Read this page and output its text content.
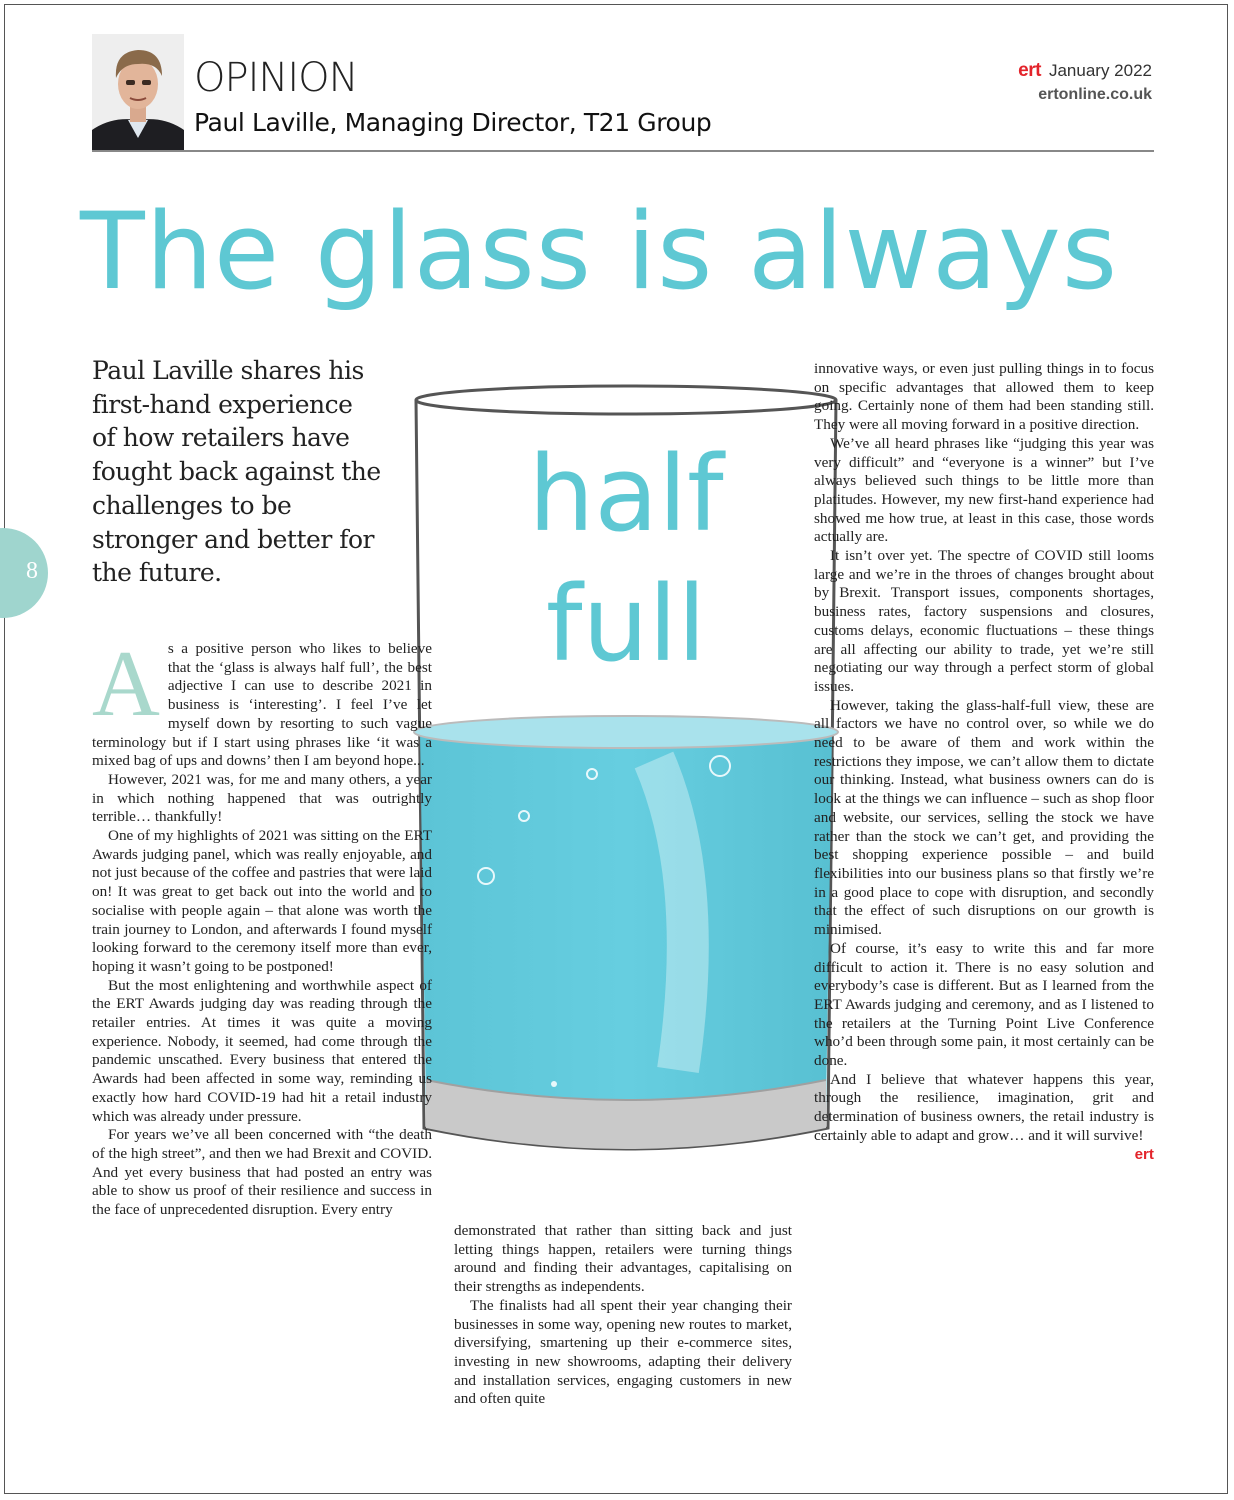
OPINION
Paul Laville, Managing Director, T21 Group
ert January 2022
ertonline.co.uk
The glass is always
8
Paul Laville shares his first-hand experience of how retailers have fought back against the challenges to be stronger and better for the future.
half
full

As a positive person who likes to believe that the ‘glass is always half full’, the best adjective I can use to describe 2021 in business is ‘interesting’. I feel I’ve let myself down by resorting to such vague terminology but if I start using phrases like ‘it was a mixed bag of ups and downs’ then I am beyond hope...

However, 2021 was, for me and many others, a year in which nothing happened that was outrightly terrible… thankfully!

One of my highlights of 2021 was sitting on the ERT Awards judging panel, which was really enjoyable, and not just because of the coffee and pastries that were laid on! It was great to get back out into the world and to socialise with people again – that alone was worth the train journey to London, and afterwards I found myself looking forward to the ceremony itself more than ever, hoping it wasn’t going to be postponed!

But the most enlightening and worthwhile aspect of the ERT Awards judging day was reading through the retailer entries. At times it was quite a moving experience. Nobody, it seemed, had come through the pandemic unscathed. Every business that entered the Awards had been affected in some way, reminding us exactly how hard COVID-19 had hit a retail industry which was already under pressure.

For years we’ve all been concerned with “the death of the high street”, and then we had Brexit and COVID. And yet every business that had posted an entry was able to show us proof of their resilience and success in the face of unprecedented disruption. Every entry

demonstrated that rather than sitting back and just letting things happen, retailers were turning things around and finding their advantages, capitalising on their strengths as independents.

The finalists had all spent their year changing their businesses in some way, opening new routes to market, diversifying, smartening up their e-commerce sites, investing in new showrooms, adapting their delivery and installation services, engaging customers in new and often quite

innovative ways, or even just pulling things in to focus on specific advantages that allowed them to keep going. Certainly none of them had been standing still. They were all moving forward in a positive direction.

We’ve all heard phrases like “judging this year was very difficult” and “everyone is a winner” but I’ve always believed such things to be little more than platitudes. However, my new first-hand experience had showed me how true, at least in this case, those words actually are.

It isn’t over yet. The spectre of COVID still looms large and we’re in the throes of changes brought about by Brexit. Transport issues, components shortages, business rates, factory suspensions and closures, customs delays, economic fluctuations – these things are all affecting our ability to trade, yet we’re still negotiating our way through a perfect storm of global issues.

However, taking the glass-half-full view, these are all factors we have no control over, so while we do need to be aware of them and work within the restrictions they impose, we can’t allow them to dictate our thinking. Instead, what business owners can do is look at the things we can influence – such as shop floor and website, our services, selling the stock we have rather than the stock we can’t get, and providing the best shopping experience possible – and build flexibilities into our business plans so that firstly we’re in a good place to cope with disruption, and secondly that the effect of such disruptions on our growth is minimised.

Of course, it’s easy to write this and far more difficult to action it. There is no easy solution and everybody’s case is different. But as I learned from the ERT Awards judging and ceremony, and as I listened to the retailers at the Turning Point Live Conference who’d been through some pain, it most certainly can be done.

And I believe that whatever happens this year, through the resilience, imagination, grit and determination of business owners, the retail industry is certainly able to adapt and grow… and it will survive!
ert
